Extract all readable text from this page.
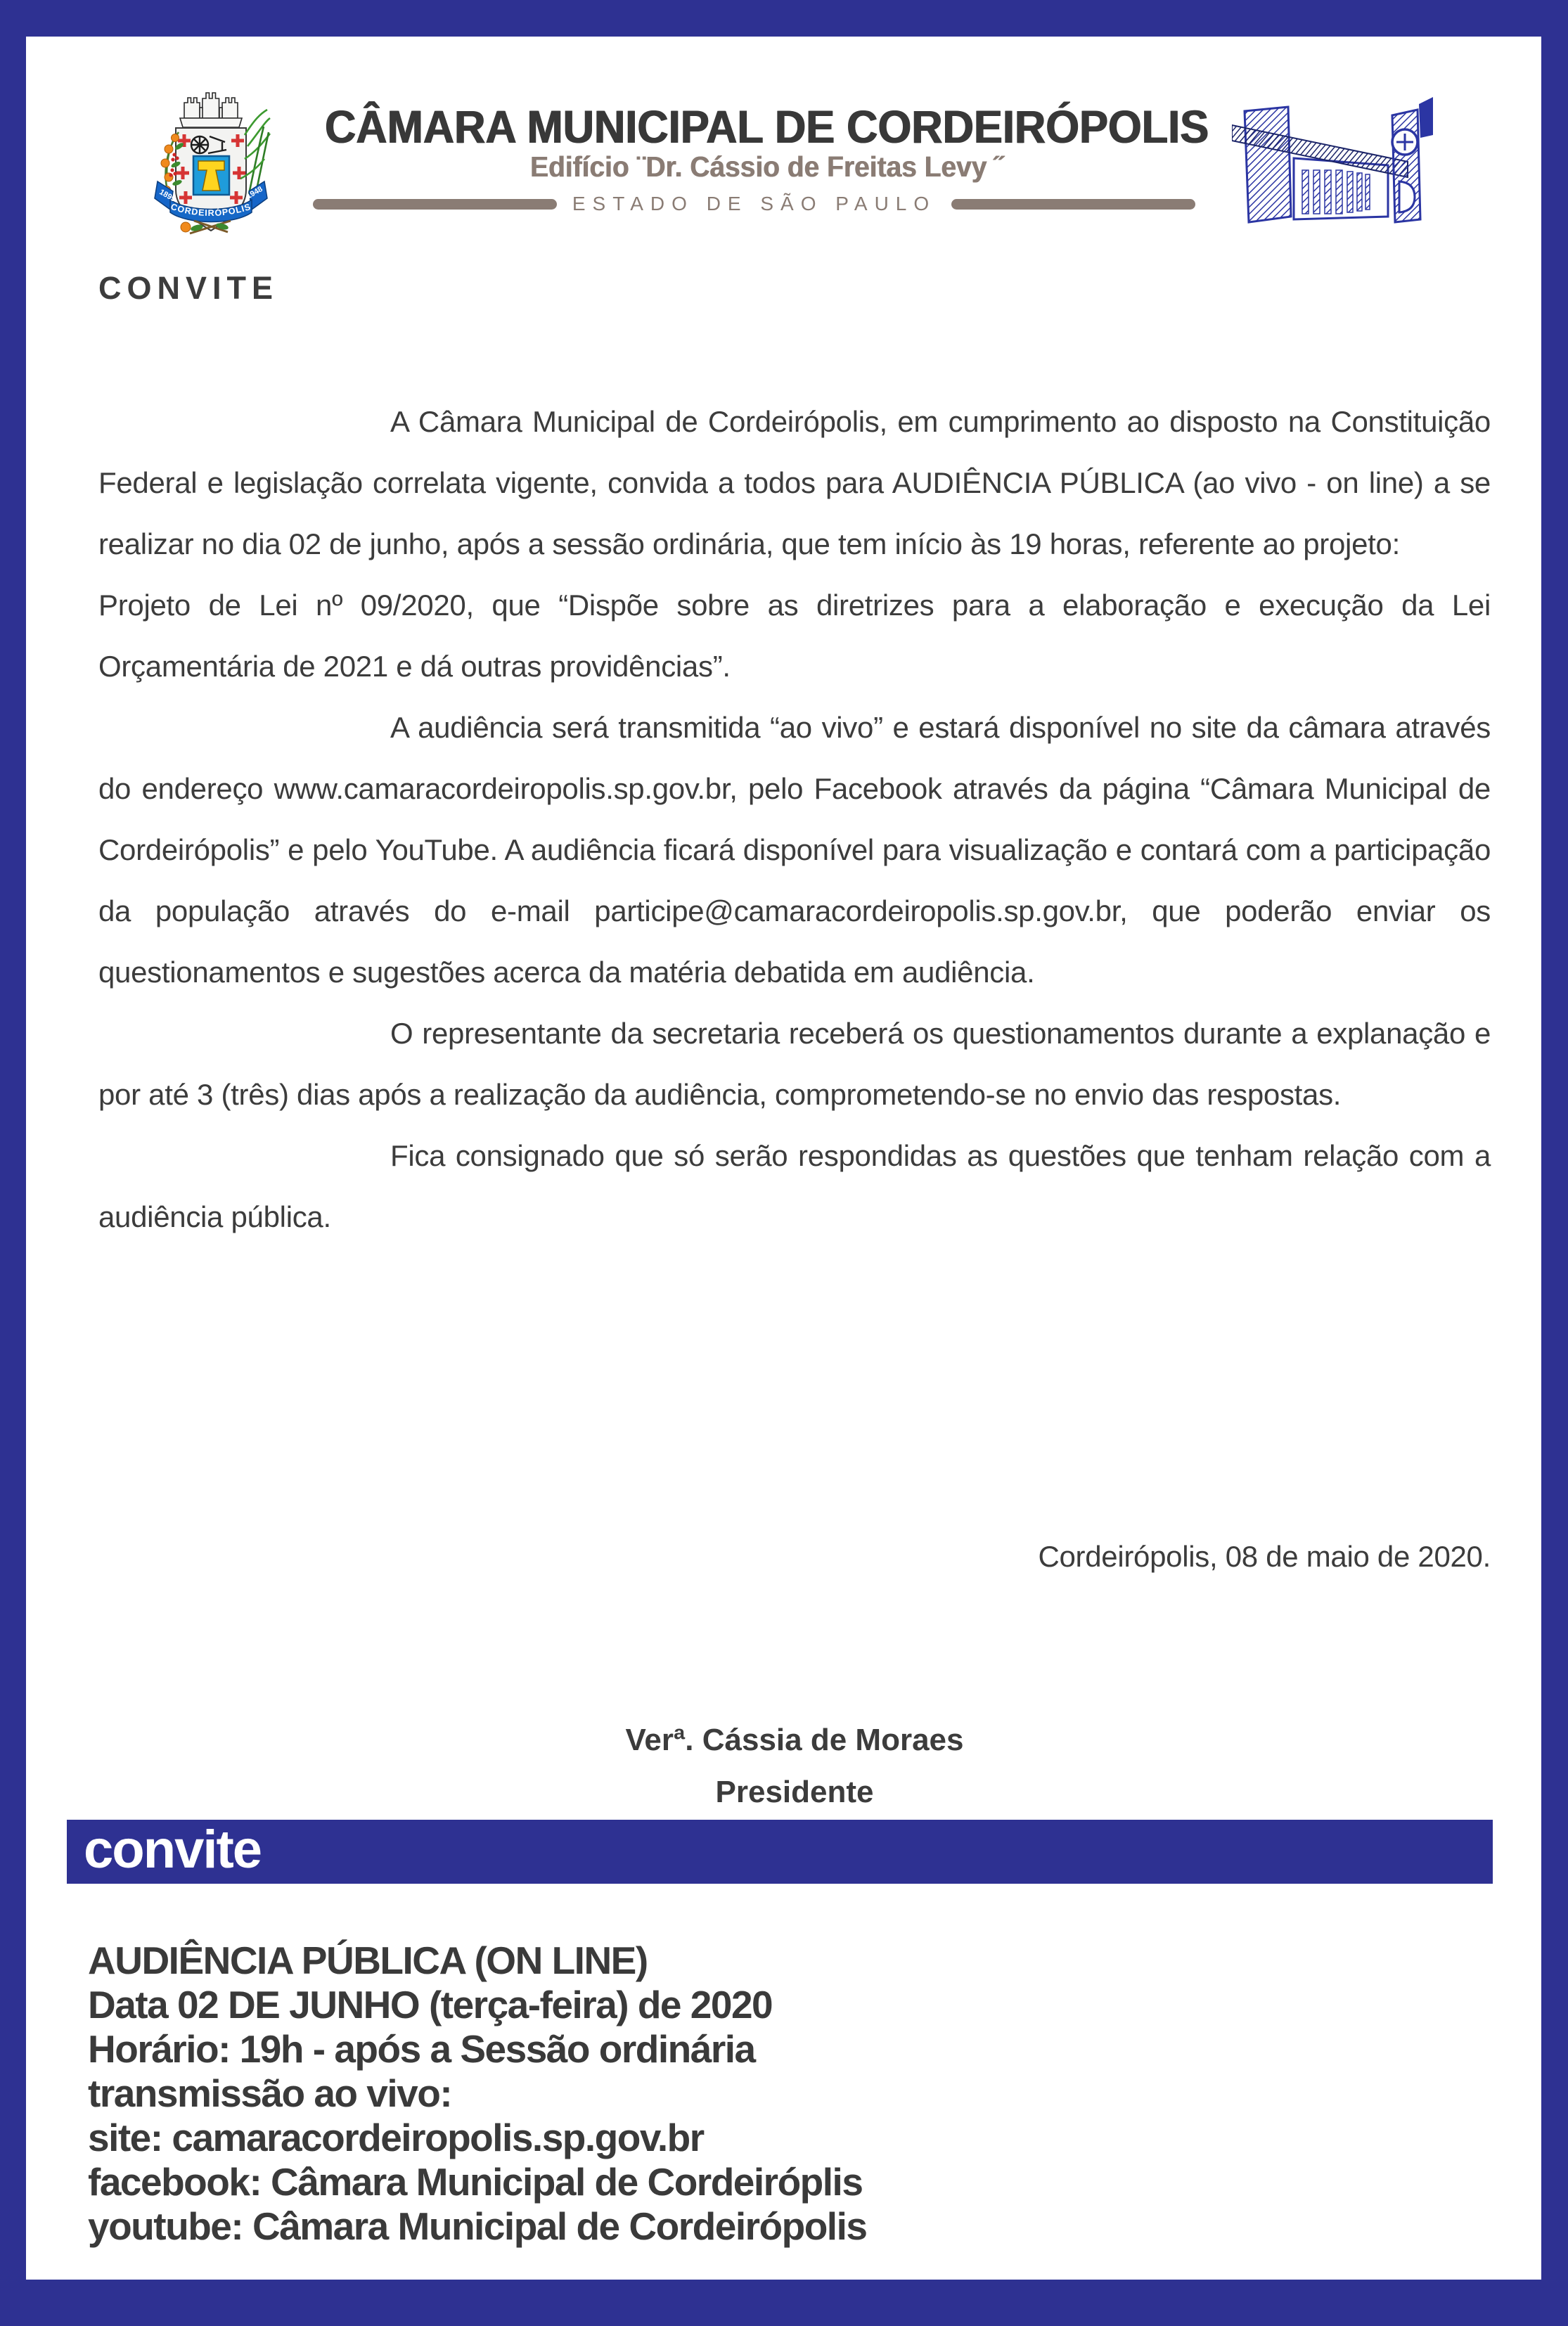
CORDEIRÓPOLIS
1899	1948
CÂMARA MUNICIPAL DE CORDEIRÓPOLIS
Edifício ¨Dr. Cássio de Freitas Levy ˝
ESTADO DE SÃO PAULO
CONVITE

A Câmara Municipal de Cordeirópolis, em cumprimento ao disposto na Constituição Federal e legislação correlata vigente, convida a todos para AUDIÊNCIA PÚBLICA (ao vivo - on line) a se realizar no dia 02 de junho, após a sessão ordinária, que tem início às 19 horas, referente ao projeto:

Projeto de Lei nº 09/2020, que “Dispõe sobre as diretrizes para a elaboração e execução da Lei Orçamentária de 2021 e dá outras providências”.

A audiência será transmitida “ao vivo” e estará disponível no site da câmara através do endereço www.camaracordeiropolis.sp.gov.br, pelo Facebook através da página “Câmara Municipal de Cordeirópolis” e pelo YouTube. A audiência ficará disponível para visualização e contará com a participação da população através do e-mail participe@camaracordeiropolis.sp.gov.br, que poderão enviar os questionamentos e sugestões acerca da matéria debatida em audiência.

O representante da secretaria receberá os questionamentos durante a explanação e por até 3 (três) dias após a realização da audiência, comprometendo-se no envio das respostas.

Fica consignado que só serão respondidas as questões que tenham relação com a audiência pública.

Cordeirópolis, 08 de maio de 2020.
Verª. Cássia de Moraes
Presidente
convite
AUDIÊNCIA PÚBLICA (ON LINE)
Data 02 DE JUNHO (terça-feira) de 2020
Horário: 19h - após a Sessão ordinária
transmissão ao vivo:
site: camaracordeiropolis.sp.gov.br
facebook: Câmara Municipal de Cordeiróplis
youtube: Câmara Municipal de Cordeirópolis
